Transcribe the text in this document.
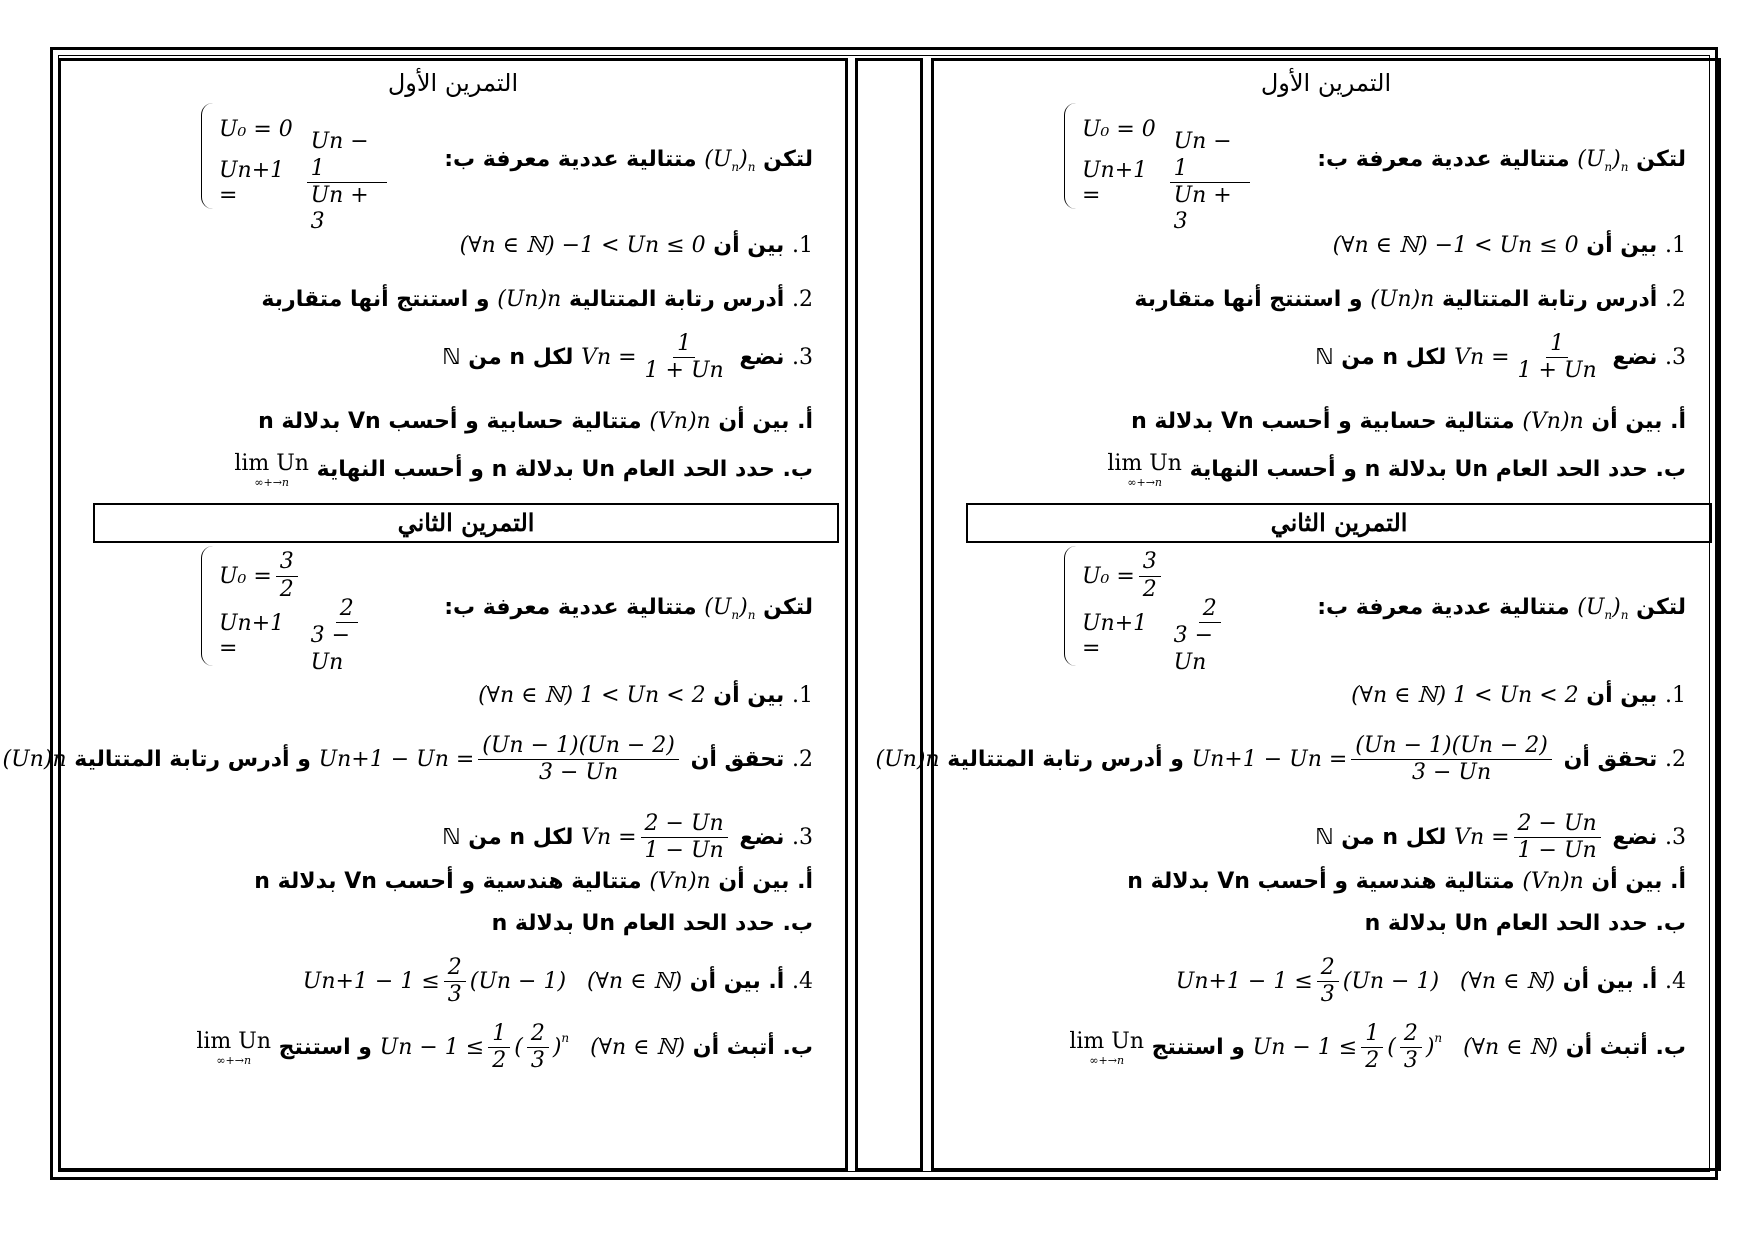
التمرين الأول
U₀ = 0
Un+1 =	$\frac{Un - 1}{Un + 3}$	لتكن $(U_n)_n$ متتالية عددية معرفة ب:
1. بين أن (∀n ∈ ℕ) −1 < Un ≤ 0
2. أدرس رتابة المتتالية (Un)n و استنتج أنها متقاربة
3. نضع $Vn = \frac{1}{1 + Un}$
لكل n من ℕ
أ. بين أن (Vn)n متتالية حسابية و أحسب Vn بدلالة n
ب. حدد الحد العام Un بدلالة n و أحسب النهاية
lim Un
n→+∞
التمرين الثاني
$U_0 = \frac{3}{2}$
Un+1 =	$\frac{2}{3 - Un}$	لتكن $(U_n)_n$ متتالية عددية معرفة ب:
1. بين أن (∀n ∈ ℕ) 1 < Un < 2
2. تحقق أن $Un+1 - Un = \frac{(Un - 1)(Un - 2)}{3 - Un}$
و أدرس رتابة المتتالية (Un)n
3. نضع $Vn = \frac{2 - Un}{1 - Un}$
لكل n من ℕ
أ. بين أن (Vn)n متتالية هندسية و أحسب Vn بدلالة n
ب. حدد الحد العام Un بدلالة n
4. أ. بين أن $Un+1 - 1 \le \frac{2}{3} (Un - 1)$ (∀n ∈ ℕ)
ب. أتبث أن $Un - 1 \le \frac{1}{2}$ ( $\frac{2}{3} )^n$ (∀n ∈ ℕ) و استنتج
lim Un
n→+∞
التمرين الأول
U₀ = 0
Un+1 =	$\frac{Un - 1}{Un + 3}$	لتكن $(U_n)_n$ متتالية عددية معرفة ب:
1. بين أن (∀n ∈ ℕ) −1 < Un ≤ 0
2. أدرس رتابة المتتالية (Un)n و استنتج أنها متقاربة
3. نضع $Vn = \frac{1}{1 + Un}$
لكل n من ℕ
أ. بين أن (Vn)n متتالية حسابية و أحسب Vn بدلالة n
ب. حدد الحد العام Un بدلالة n و أحسب النهاية
lim Un
n→+∞
التمرين الثاني
$U_0 = \frac{3}{2}$
Un+1 =	$\frac{2}{3 - Un}$	لتكن $(U_n)_n$ متتالية عددية معرفة ب:
1. بين أن (∀n ∈ ℕ) 1 < Un < 2
2. تحقق أن $Un+1 - Un = \frac{(Un - 1)(Un - 2)}{3 - Un}$
و أدرس رتابة المتتالية (Un)n
3. نضع $Vn = \frac{2 - Un}{1 - Un}$
لكل n من ℕ
أ. بين أن (Vn)n متتالية هندسية و أحسب Vn بدلالة n
ب. حدد الحد العام Un بدلالة n
4. أ. بين أن $Un+1 - 1 \le \frac{2}{3} (Un - 1)$ (∀n ∈ ℕ)
ب. أتبث أن $Un - 1 \le \frac{1}{2}$ ( $\frac{2}{3} )^n$ (∀n ∈ ℕ) و استنتج
lim Un
n→+∞
